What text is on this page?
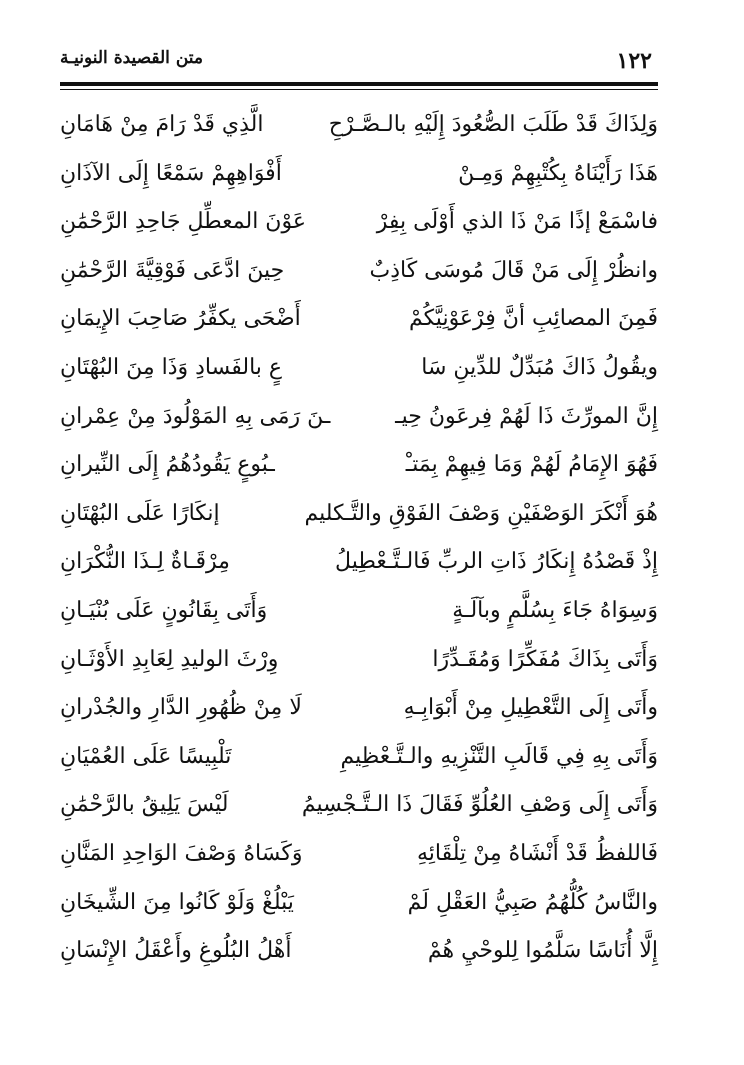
متن القصيدة النونيـة	١٢٢
وَلِذَاكَ قَدْ طَلَبَ الصُّعُودَ إِلَيْهِ بالـصَّـرْحِ
الَّذِي قَدْ رَامَ مِنْ هَامَانِ
هَذَا رَأَيْنَاهُ بِكُتْبِهِمْ وَمِـنْ
أَفْوَاهِهِمْ سَمْعًا إِلَى الآذَانِ
فاسْمَعْ إذًا مَنْ ذَا الذي أَوْلَى بِفِرْ
عَوْنَ المعطِّلِ جَاحِدِ الرَّحْمَٰنِ
وانظُرْ إِلَى مَنْ قَالَ مُوسَى كَاذِبٌ
حِينَ ادَّعَى فَوْقِيَّةَ الرَّحْمَٰنِ
فَمِنَ المصائِبِ أنَّ فِرْعَوْنِيَّكُمْ
أَضْحَى يكفِّرُ صَاحِبَ الإِيمَانِ
ويقُولُ ذَاكَ مُبَدِّلٌ للدِّينِ سَا
عٍ بالفَسادِ وَذَا مِنَ البُهْتَانِ
إِنَّ المورِّثَ ذَا لَهُمْ فِرعَونُ حِيـ
ـنَ رَمَى بِهِ المَوْلُودَ مِنْ عِمْرانِ
فَهُوَ الإِمَامُ لَهُمْ وَمَا فِيهِمْ بِمَتـْ
ـبُوعٍ يَقُودُهُمُ إِلَى النِّيرانِ
هُوَ أَنْكَرَ الوَصْفَيْنِ وَصْفَ الفَوْقِ والتَّـكليم
إنكَارًا عَلَى البُهْتَانِ
إِذْ قَصْدُهُ إِنكَارُ ذَاتِ الربِّ فَالـتَّـعْطِيلُ
مِرْقَـاةٌ لِـذَا النُّكْرَانِ
وَسِوَاهُ جَاءَ بِسُلَّمٍ وبآلَـةٍ
وَأَتَى بِقَانُونٍ عَلَى بُنْيَـانِ
وَأَتَى بِذَاكَ مُفَكِّرًا وَمُقَـدِّرًا
وِرْثَ الوليدِ لِعَابِدِ الأَوْثَـانِ
وأَتَى إِلَى التَّعْطِيلِ مِنْ أَبْوَابِـهِ
لَا مِنْ ظُهُورِ الدَّارِ والجُدْرانِ
وَأَتَى بِهِ فِي قَالَبِ التَّنْزِيهِ والـتَّـعْظِيمِ
تَلْبِيسًا عَلَى العُمْيَانِ
وَأَتَى إِلَى وَصْفِ العُلُوِّ فَقَالَ ذَا الـتَّـجْسِيمُ
لَيْسَ يَلِيقُ بالرَّحْمَٰنِ
فَاللفظُ قَدْ أَنْشَاهُ مِنْ تِلْقَائِهِ
وَكَسَاهُ وَصْفَ الوَاحِدِ المَنَّانِ
والنَّاسُ كُلُّهُمُ صَبِيُّ العَقْلِ لَمْ
يَبْلُغْ وَلَوْ كَانُوا مِنَ الشِّيخَانِ
إِلَّا أُنَاسًا سَلَّمُوا لِلوحْيِ هُمْ
أَهْلُ البُلُوغِ وأَعْقَلُ الإِنْسَانِ
